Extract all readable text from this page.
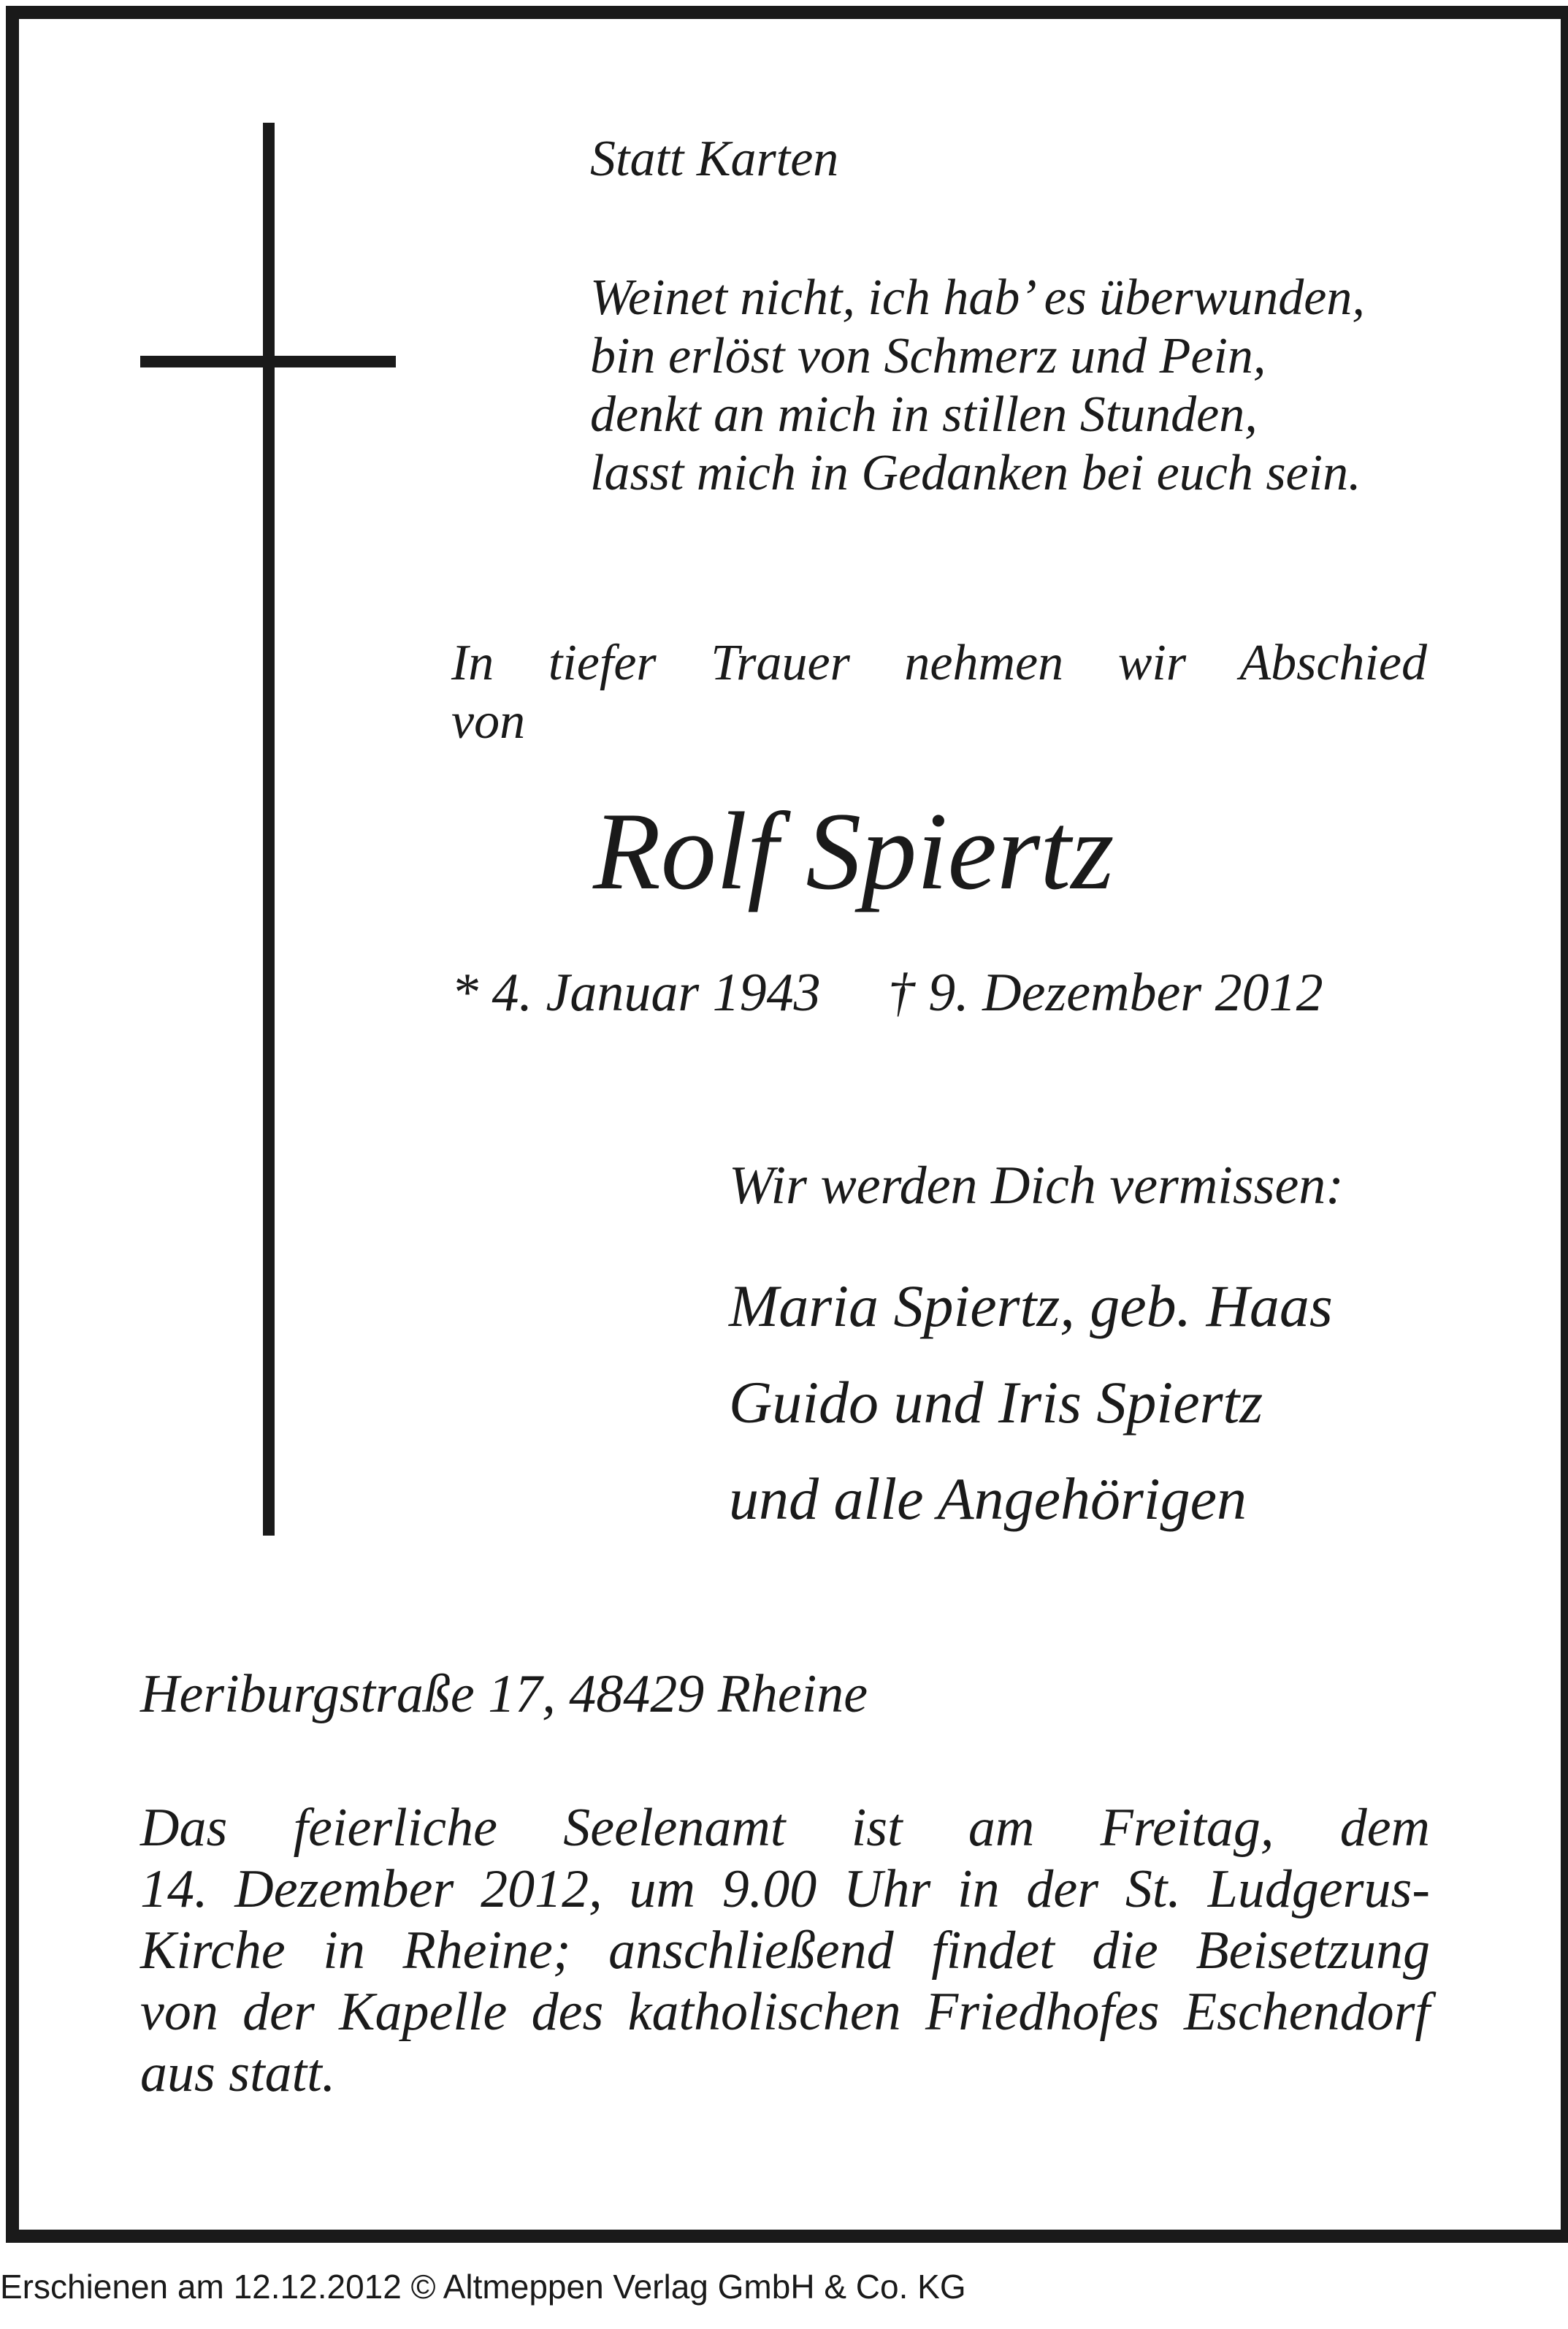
Statt Karten
Weinet nicht, ich hab’ es überwunden,
bin erlöst von Schmerz und Pein,
denkt an mich in stillen Stunden,
lasst mich in Gedanken bei euch sein.
In tiefer Trauer nehmen wir Abschied
von
Rolf Spiertz
* 4. Januar 1943 † 9. Dezember 2012
Wir werden Dich vermissen:
Maria Spiertz, geb. Haas
Guido und Iris Spiertz
und alle Angehörigen
Heriburgstraße 17, 48429 Rheine
Das feierliche Seelenamt ist am Freitag, dem
14. Dezember 2012, um 9.00 Uhr in der St. Ludgerus-
Kirche in Rheine; anschließend findet die Beisetzung
von der Kapelle des katholischen Friedhofes Eschendorf
aus statt.
Erschienen am 12.12.2012 © Altmeppen Verlag GmbH & Co. KG
